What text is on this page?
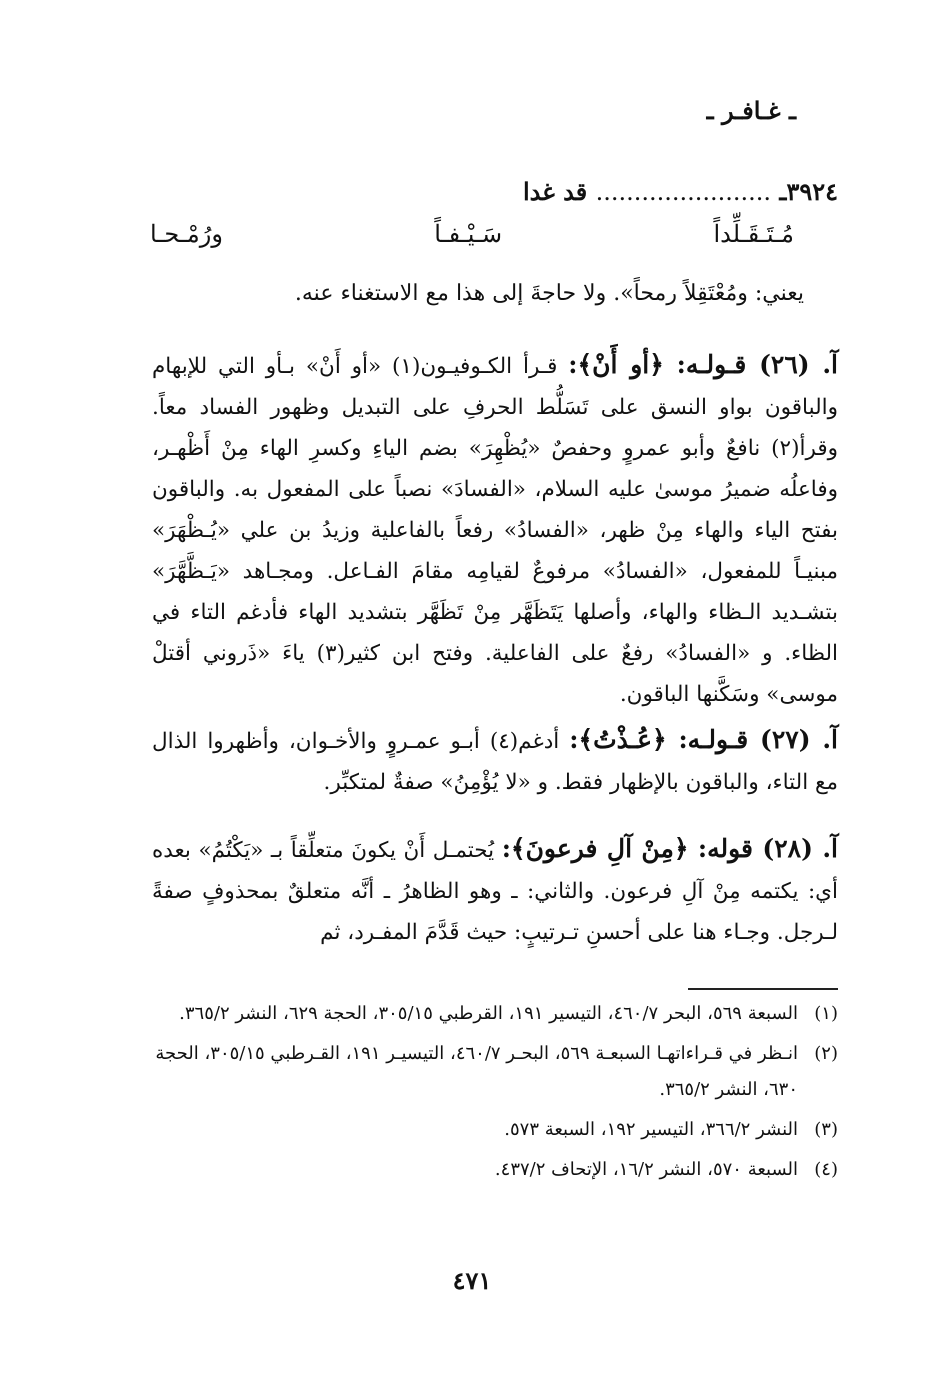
ـ غـافـر ـ
٣٩٢٤ـ ....................... قد غدا
مُـتَـقَـلِّداً
سَـيْـفـاً
ورُمْـحـا
يعني: ومُعْتَقِلاً رمحاً». ولا حاجةَ إلى هذا مع الاستغناء عنه.
آ. (٢٦) قـولـه: ﴿أو أَنْ﴾: قـرأ الكـوفيـون(١) «أو أَنْ» بـأو التي للإبهام والباقون بواو النسق على تَسَلُّط الحرفِ على التبديل وظهور الفساد معاً. وقرأ(٢) نافعٌ وأبو عمروٍ وحفصٌ «يُظْهِرَ» بضم الياءِ وكسرِ الهاء مِنْ أَظْهـر، وفاعلُه ضميرُ موسىٰ عليه السلام، «الفسادَ» نصباً على المفعول به. والباقون بفتح الياء والهاء مِنْ ظهر، «الفسادُ» رفعاً بالفاعلية وزيدُ بن علي «يُـظْهَرَ» مبنيـاً للمفعول، «الفسادُ» مرفوعٌ لقيامِه مقامَ الفـاعل. ومجـاهد «يَـظَّهَّرَ» بتشـديد الـظاء والهاء، وأصلها يَتَظَهَّر مِنْ تَظَهَّر بتشديد الهاء فأدغم التاء في الظاء. و «الفسادُ» رفعٌ على الفاعلية. وفتح ابن كثير(٣) ياءَ «ذَروني أقتلْ موسى» وسَكَّنها الباقون.
آ. (٢٧) قـولـه: ﴿عُـذْتُ﴾: أدغم(٤) أبـو عمـروٍ والأخـوان، وأظهروا الذال مع التاء، والباقون بالإظهار فقط. و «لا يُؤْمِنُ» صفةٌ لمتكبِّر.
آ. (٢٨) قوله: ﴿مِنْ آلِ فرعونَ﴾: يُحتمـل أَنْ يكونَ متعلِّقاً بـ «يَكْتُمُ» بعده أي: يكتمه مِنْ آلِ فرعون. والثاني: ـ وهو الظاهرُ ـ أنَّه متعلقٌ بمحذوفٍ صفةً لـرجل. وجـاء هنا على أحسنِ تـرتيبٍ: حيث قَدَّمَ المفـرد، ثم
(١)
السبعة ٥٦٩، البحر ٤٦٠/٧، التيسير ١٩١، القرطبي ٣٠٥/١٥، الحجة ٦٢٩، النشر ٣٦٥/٢.
(٢)
انـظر في قـراءاتهـا السبعـة ٥٦٩، البحـر ٤٦٠/٧، التيسيـر ١٩١، القـرطبي ٣٠٥/١٥، الحجة ٦٣٠، النشر ٣٦٥/٢.
(٣)
النشر ٣٦٦/٢، التيسير ١٩٢، السبعة ٥٧٣.
(٤)
السبعة ٥٧٠، النشر ١٦/٢، الإتحاف ٤٣٧/٢.
٤٧١
